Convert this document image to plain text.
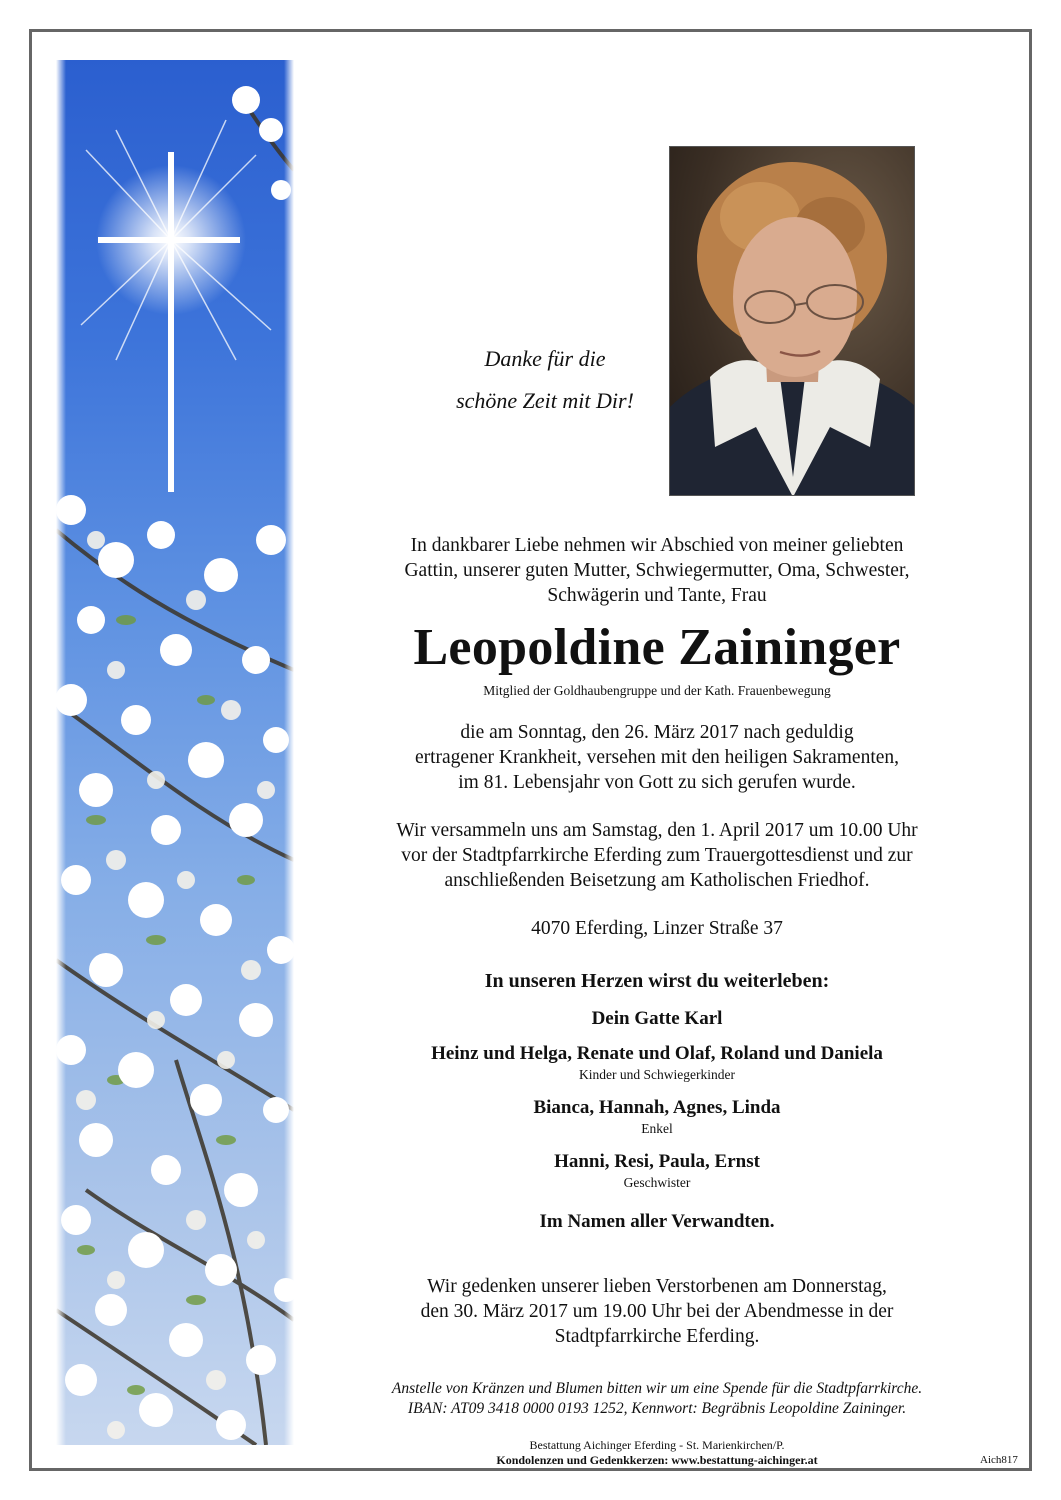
Danke für die

schöne Zeit mit Dir!

In dankbarer Liebe nehmen wir Abschied von meiner geliebten

Gattin, unserer guten Mutter, Schwiegermutter, Oma, Schwester,

Schwägerin und Tante, Frau

Leopoldine Zaininger

Mitglied der Goldhaubengruppe und der Kath. Frauenbewegung

die am Sonntag, den 26. März 2017 nach geduldig

ertragener Krankheit, versehen mit den heiligen Sakramenten,

im 81. Lebensjahr von Gott zu sich gerufen wurde.

Wir versammeln uns am Samstag, den 1. April 2017 um 10.00 Uhr

vor der Stadtpfarrkirche Eferding zum Trauergottesdienst und zur

anschließenden Beisetzung am Katholischen Friedhof.

4070 Eferding, Linzer Straße 37

In unseren Herzen wirst du weiterleben:

Dein Gatte Karl

Heinz und Helga, Renate und Olaf, Roland und Daniela

Kinder und Schwiegerkinder

Bianca, Hannah, Agnes, Linda

Enkel

Hanni, Resi, Paula, Ernst

Geschwister

Im Namen aller Verwandten.

Wir gedenken unserer lieben Verstorbenen am Donnerstag,

den 30. März 2017 um 19.00 Uhr bei der Abendmesse in der

Stadtpfarrkirche Eferding.

Anstelle von Kränzen und Blumen bitten wir um eine Spende für die Stadtpfarrkirche.

IBAN: AT09 3418 0000 0193 1252, Kennwort: Begräbnis Leopoldine Zaininger.

Bestattung Aichinger Eferding - St. Marienkirchen/P.

Kondolenzen und Gedenkkerzen: www.bestattung-aichinger.at	Aich817
